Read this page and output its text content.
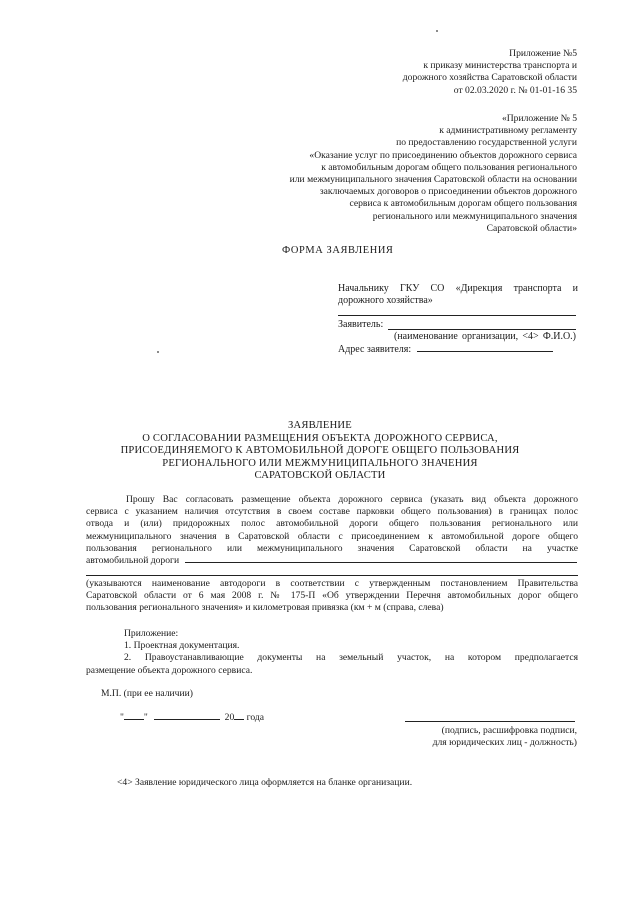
Приложение №5
к приказу министерства транспорта и
дорожного хозяйства Саратовской области
от 02.03.2020 г. № 01-01-16 35
«Приложение № 5
к административному регламенту
по предоставлению государственной услуги
«Оказание услуг по присоединению объектов дорожного сервиса
к автомобильным дорогам общего пользования регионального
или межмуниципального значения Саратовской области на основании
заключаемых договоров о присоединении объектов дорожного
сервиса к автомобильным дорогам общего пользования
регионального или межмуниципального значения
Саратовской области»
ФОРМА ЗАЯВЛЕНИЯ
Начальнику ГКУ СО «Дирекция транспорта и
дорожного хозяйства»
Заявитель:
(наименование организации, <4> Ф.И.О.)
Адрес заявителя:
ЗАЯВЛЕНИЕ
О СОГЛАСОВАНИИ РАЗМЕЩЕНИЯ ОБЪЕКТА ДОРОЖНОГО СЕРВИСА,
ПРИСОЕДИНЯЕМОГО К АВТОМОБИЛЬНОЙ ДОРОГЕ ОБЩЕГО ПОЛЬЗОВАНИЯ
РЕГИОНАЛЬНОГО ИЛИ МЕЖМУНИЦИПАЛЬНОГО ЗНАЧЕНИЯ
САРАТОВСКОЙ ОБЛАСТИ
Прошу Вас согласовать размещение объекта дорожного сервиса (указать вид объекта дорожного
сервиса с указанием наличия отсутствия в своем составе парковки общего пользования) в границах полос
отвода и (или) придорожных полос автомобильной дороги общего пользования регионального или
межмуниципального значения в Саратовской области с присоединением к автомобильной дороге общего
пользования регионального или межмуниципального значения Саратовской области на участке
автомобильной дороги
(указываются наименование автодороги в соответствии с утвержденным постановлением Правительства
Саратовской области от 6 мая 2008 г. № 175-П «Об утверждении Перечня автомобильных дорог общего
пользования регионального значения» и километровая привязка (км + м (справа, слева)
Приложение:
1. Проектная документация.
2. Правоустанавливающие документы на земельный участок, на котором предполагается
размещение объекта дорожного сервиса.
М.П. (при ее наличии)
" "	20 года
(подпись, расшифровка подписи,
для юридических лиц - должность)
<4> Заявление юридического лица оформляется на бланке организации.
